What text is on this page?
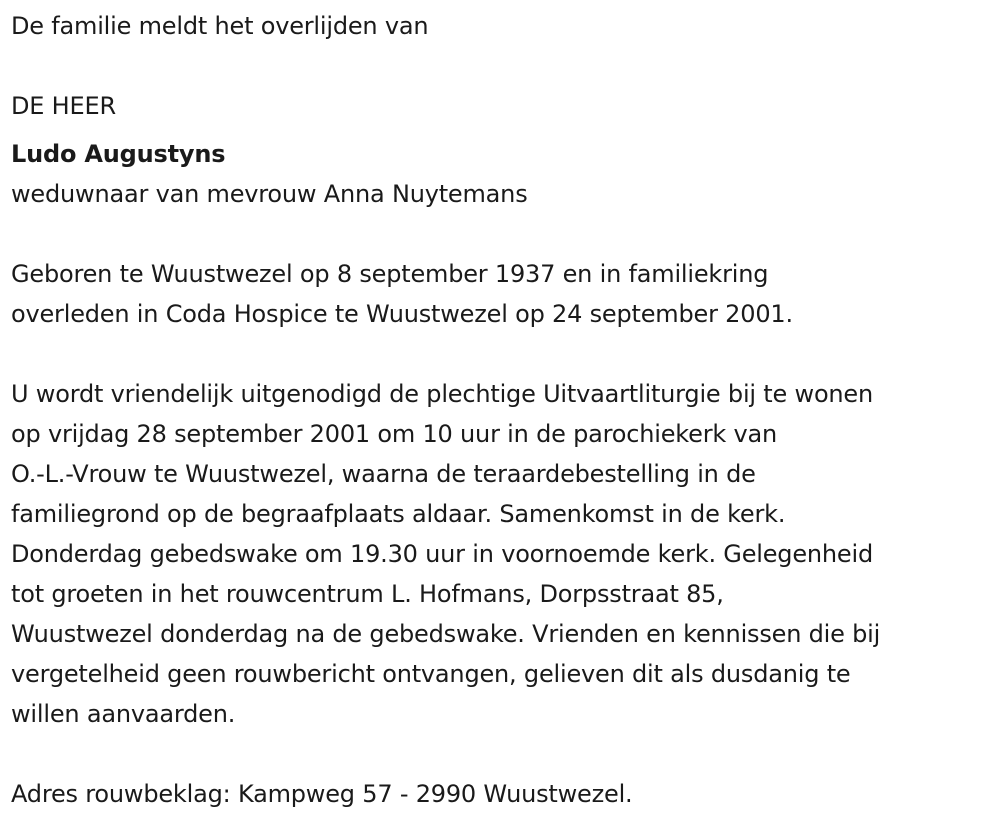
De familie meldt het overlijden van
DE HEER
Ludo Augustyns
weduwnaar van mevrouw Anna Nuytemans
Geboren te Wuustwezel op 8 september 1937 en in familiekring
overleden in Coda Hospice te Wuustwezel op 24 september 2001.
U wordt vriendelijk uitgenodigd de plechtige Uitvaartliturgie bij te wonen
op vrijdag 28 september 2001 om 10 uur in de parochiekerk van
O.-L.-Vrouw te Wuustwezel, waarna de teraardebestelling in de
familiegrond op de begraafplaats aldaar. Samenkomst in de kerk.
Donderdag gebedswake om 19.30 uur in voornoemde kerk. Gelegenheid
tot groeten in het rouwcentrum L. Hofmans, Dorpsstraat 85,
Wuustwezel donderdag na de gebedswake. Vrienden en kennissen die bij
vergetelheid geen rouwbericht ontvangen, gelieven dit als dusdanig te
willen aanvaarden.
Adres rouwbeklag: Kampweg 57 - 2990 Wuustwezel.
